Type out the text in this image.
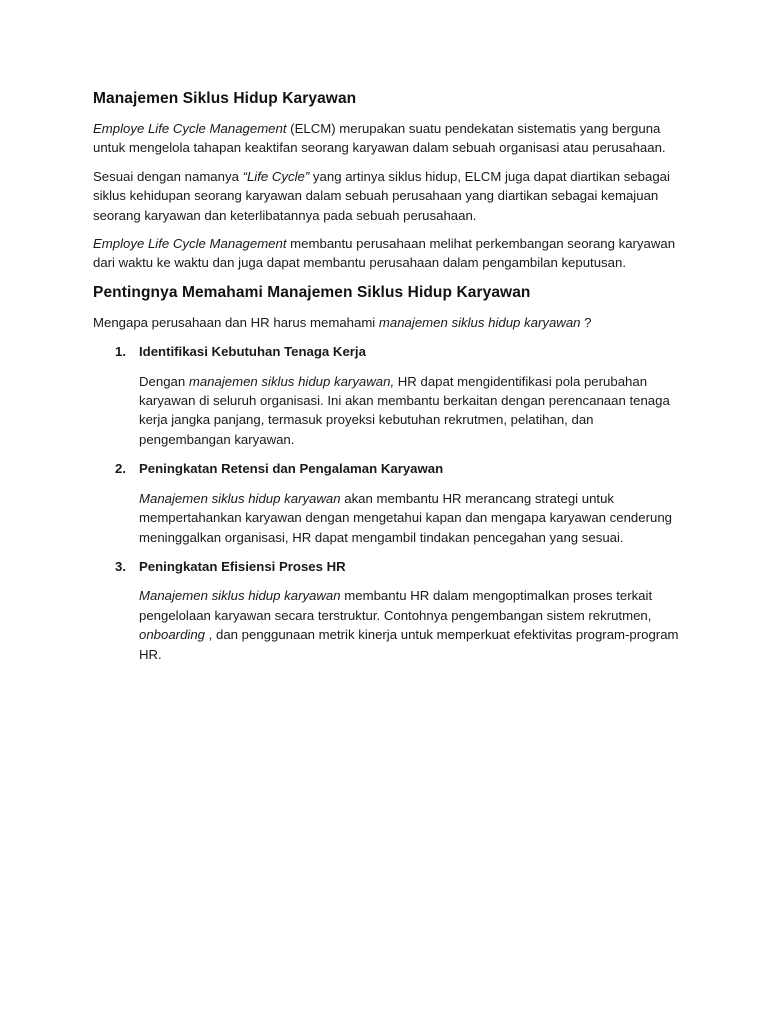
Manajemen Siklus Hidup Karyawan

Employe Life Cycle Management (ELCM) merupakan suatu pendekatan sistematis yang berguna untuk mengelola tahapan keaktifan seorang karyawan dalam sebuah organisasi atau perusahaan.

Sesuai dengan namanya “Life Cycle” yang artinya siklus hidup, ELCM juga dapat diartikan sebagai siklus kehidupan seorang karyawan dalam sebuah perusahaan yang diartikan sebagai kemajuan seorang karyawan dan keterlibatannya pada sebuah perusahaan.

Employe Life Cycle Management membantu perusahaan melihat perkembangan seorang karyawan dari waktu ke waktu dan juga dapat membantu perusahaan dalam pengambilan keputusan.

Pentingnya Memahami Manajemen Siklus Hidup Karyawan

Mengapa perusahaan dan HR harus memahami manajemen siklus hidup karyawan ?

1. Identifikasi Kebutuhan Tenaga Kerja

Dengan manajemen siklus hidup karyawan, HR dapat mengidentifikasi pola perubahan karyawan di seluruh organisasi. Ini akan membantu berkaitan dengan perencanaan tenaga kerja jangka panjang, termasuk proyeksi kebutuhan rekrutmen, pelatihan, dan pengembangan karyawan.

2. Peningkatan Retensi dan Pengalaman Karyawan

Manajemen siklus hidup karyawan akan membantu HR merancang strategi untuk mempertahankan karyawan dengan mengetahui kapan dan mengapa karyawan cenderung meninggalkan organisasi, HR dapat mengambil tindakan pencegahan yang sesuai.

3. Peningkatan Efisiensi Proses HR

Manajemen siklus hidup karyawan membantu HR dalam mengoptimalkan proses terkait pengelolaan karyawan secara terstruktur. Contohnya pengembangan sistem rekrutmen, onboarding , dan penggunaan metrik kinerja untuk memperkuat efektivitas program-program HR.
